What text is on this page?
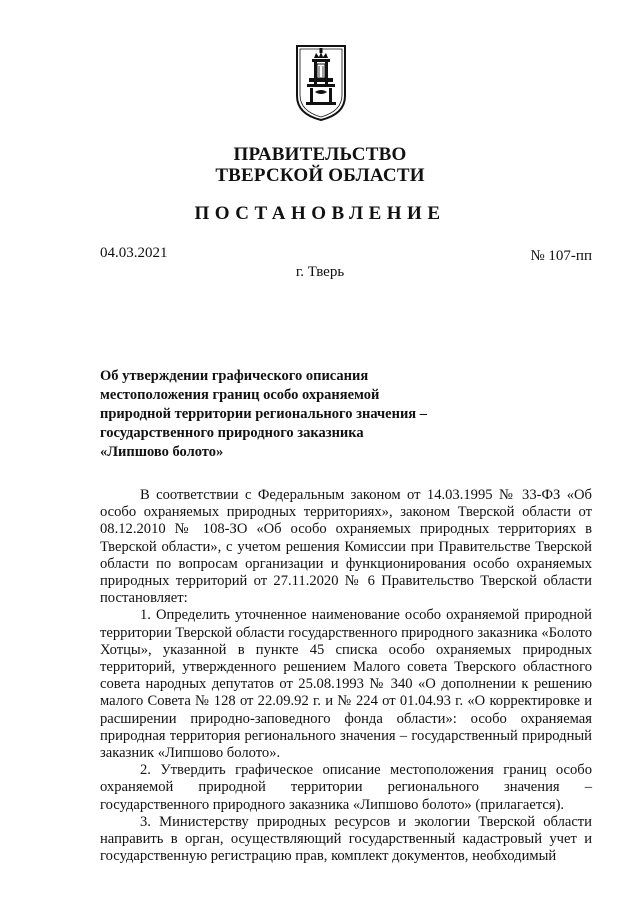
ПРАВИТЕЛЬСТВО
ТВЕРСКОЙ ОБЛАСТИ
ПОСТАНОВЛЕНИЕ
04.03.2021	№ 107-пп
г. Тверь
Об утверждении графического описания
местоположения границ особо охраняемой
природной территории регионального значения –
государственного природного заказника
«Липшово болото»

В соответствии с Федеральным законом от 14.03.1995 № 33-ФЗ «Об особо охраняемых природных территориях», законом Тверской области от 08.12.2010 № 108-ЗО «Об особо охраняемых природных территориях в Тверской области», с учетом решения Комиссии при Правительстве Тверской области по вопросам организации и функционирования особо охраняемых природных территорий от 27.11.2020 № 6 Правительство Тверской области постановляет:

1. Определить уточненное наименование особо охраняемой природной территории Тверской области государственного природного заказника «Болото Хотцы», указанной в пункте 45 списка особо охраняемых природных территорий, утвержденного решением Малого совета Тверского областного совета народных депутатов от 25.08.1993 № 340 «О дополнении к решению малого Совета № 128 от 22.09.92 г. и № 224 от 01.04.93 г. «О корректировке и расширении природно-заповедного фонда области»: особо охраняемая природная территория регионального значения – государственный природный заказник «Липшово болото».

2. Утвердить графическое описание местоположения границ особо охраняемой природной территории регионального значения – государственного природного заказника «Липшово болото» (прилагается).

3. Министерству природных ресурсов и экологии Тверской области направить в орган, осуществляющий государственный кадастровый учет и государственную регистрацию прав, комплект документов, необходимый
